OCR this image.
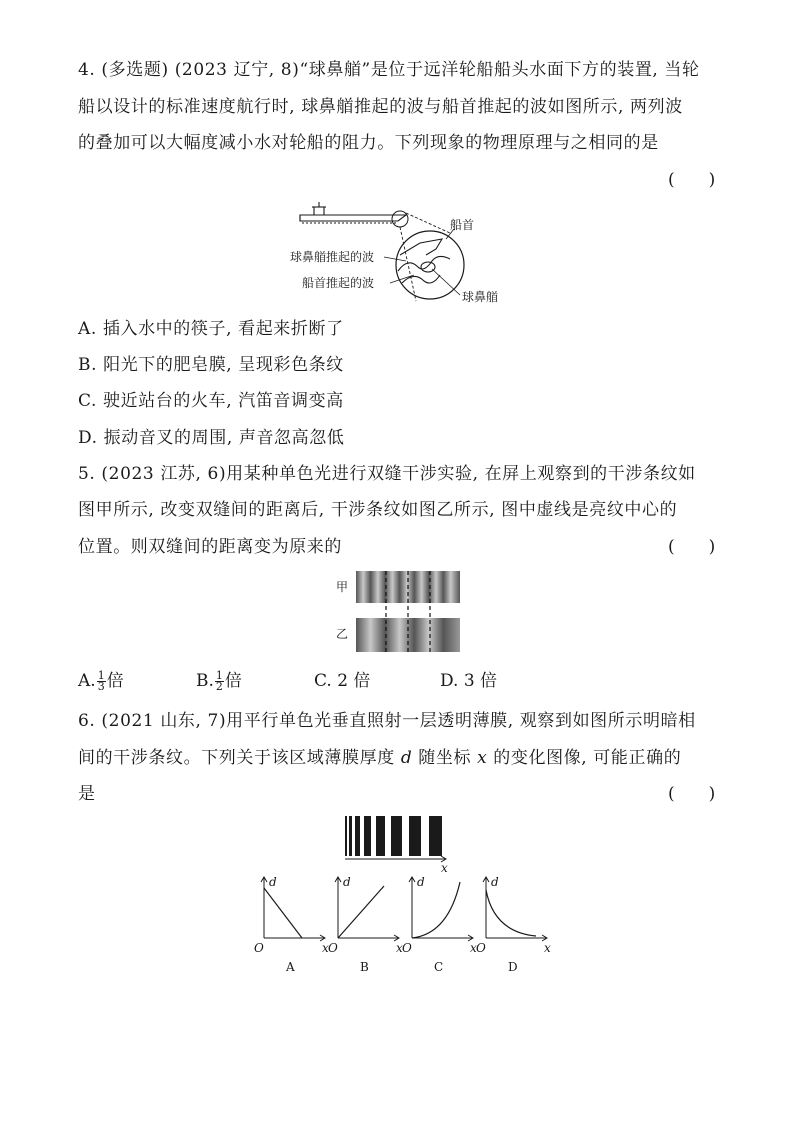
4. (多选题) (2023 辽宁, 8)“球鼻艏”是位于远洋轮船船头水面下方的装置, 当轮
船以设计的标准速度航行时, 球鼻艏推起的波与船首推起的波如图所示, 两列波
的叠加可以大幅度减小水对轮船的阻力。下列现象的物理原理与之相同的是
(　　)
船首
球鼻艏推起的波
船首推起的波
球鼻艏
A. 插入水中的筷子, 看起来折断了
B. 阳光下的肥皂膜, 呈现彩色条纹
C. 驶近站台的火车, 汽笛音调变高
D. 振动音叉的周围, 声音忽高忽低
5. (2023 江苏, 6)用某种单色光进行双缝干涉实验, 在屏上观察到的干涉条纹如
图甲所示, 改变双缝间的距离后, 干涉条纹如图乙所示, 图中虚线是亮纹中心的
位置。则双缝间的距离变为原来的	(　　)
甲
乙
A. $\frac{1}{3}$ 倍	B. $\frac{1}{2}$ 倍	C. 2 倍	D. 3 倍
6. (2021 山东, 7)用平行单色光垂直照射一层透明薄膜, 观察到如图所示明暗相
间的干涉条纹。下列关于该区域薄膜厚度 d 随坐标 x 的变化图像, 可能正确的
是	(　　)
x
d
x
O
A
d
x
O
B
d
x
O
C
d
x
O
D
